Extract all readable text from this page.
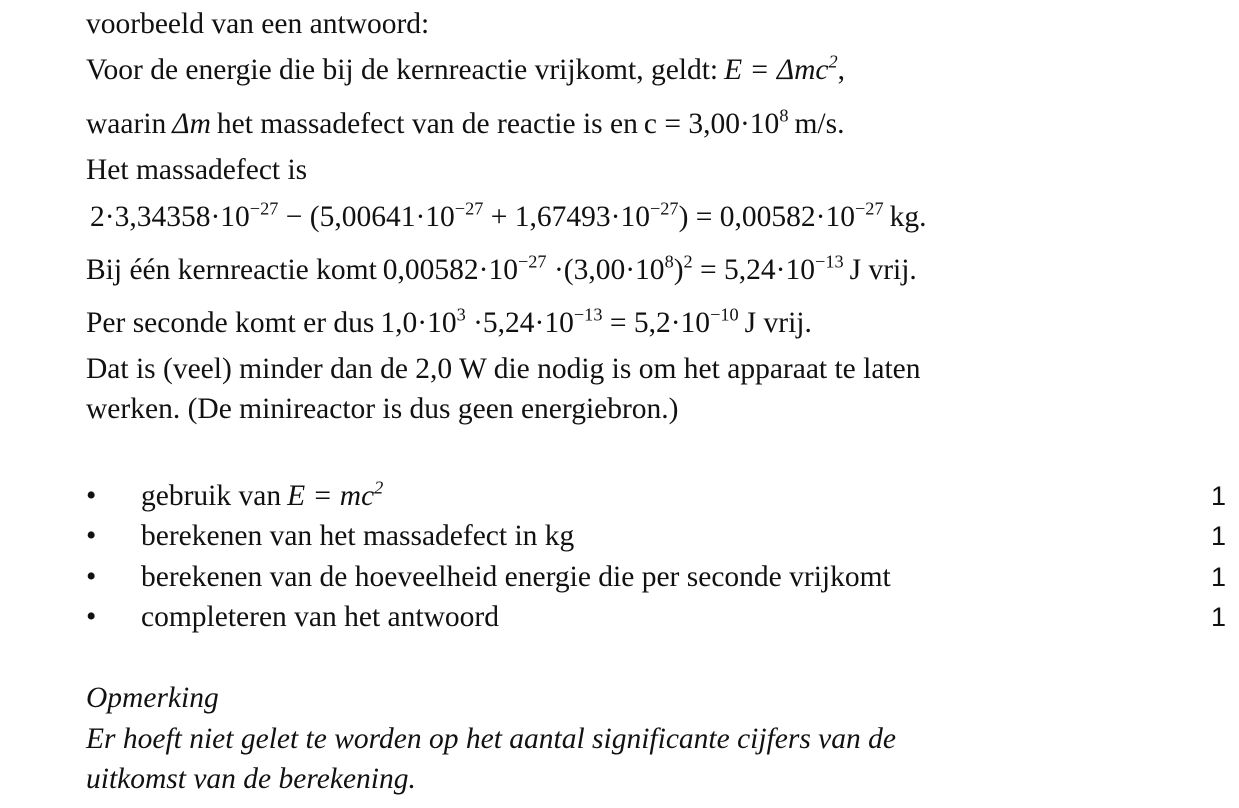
voorbeeld van een antwoord:
Voor de energie die bij de kernreactie vrijkomt, geldt: E = Δmc$^2$,
waarin Δm het massadefect van de reactie is en $c = 3,00\cdot 10^8$ m/s.
Het massadefect is
$2\cdot 3,34358\cdot 10^{-27} - (5,00641\cdot 10^{-27} + 1,67493\cdot 10^{-27}) = 0,00582\cdot 10^{-27}$ kg.
Bij één kernreactie komt $0,00582\cdot 10^{-27} \cdot(3,00\cdot 10^8)^2 = 5,24\cdot 10^{-13}$ J vrij.
Per seconde komt er dus $1,0\cdot 10^3 \cdot 5,24\cdot 10^{-13} = 5,2\cdot 10^{-10}$ J vrij.
Dat is (veel) minder dan de 2,0 W die nodig is om het apparaat te laten
werken. (De minireactor is dus geen energiebron.)
• gebruik van $E = mc^2$	1
• berekenen van het massadefect in kg	1
• berekenen van de hoeveelheid energie die per seconde vrijkomt	1
• completeren van het antwoord	1
Opmerking
Er hoeft niet gelet te worden op het aantal significante cijfers van de
uitkomst van de berekening.
